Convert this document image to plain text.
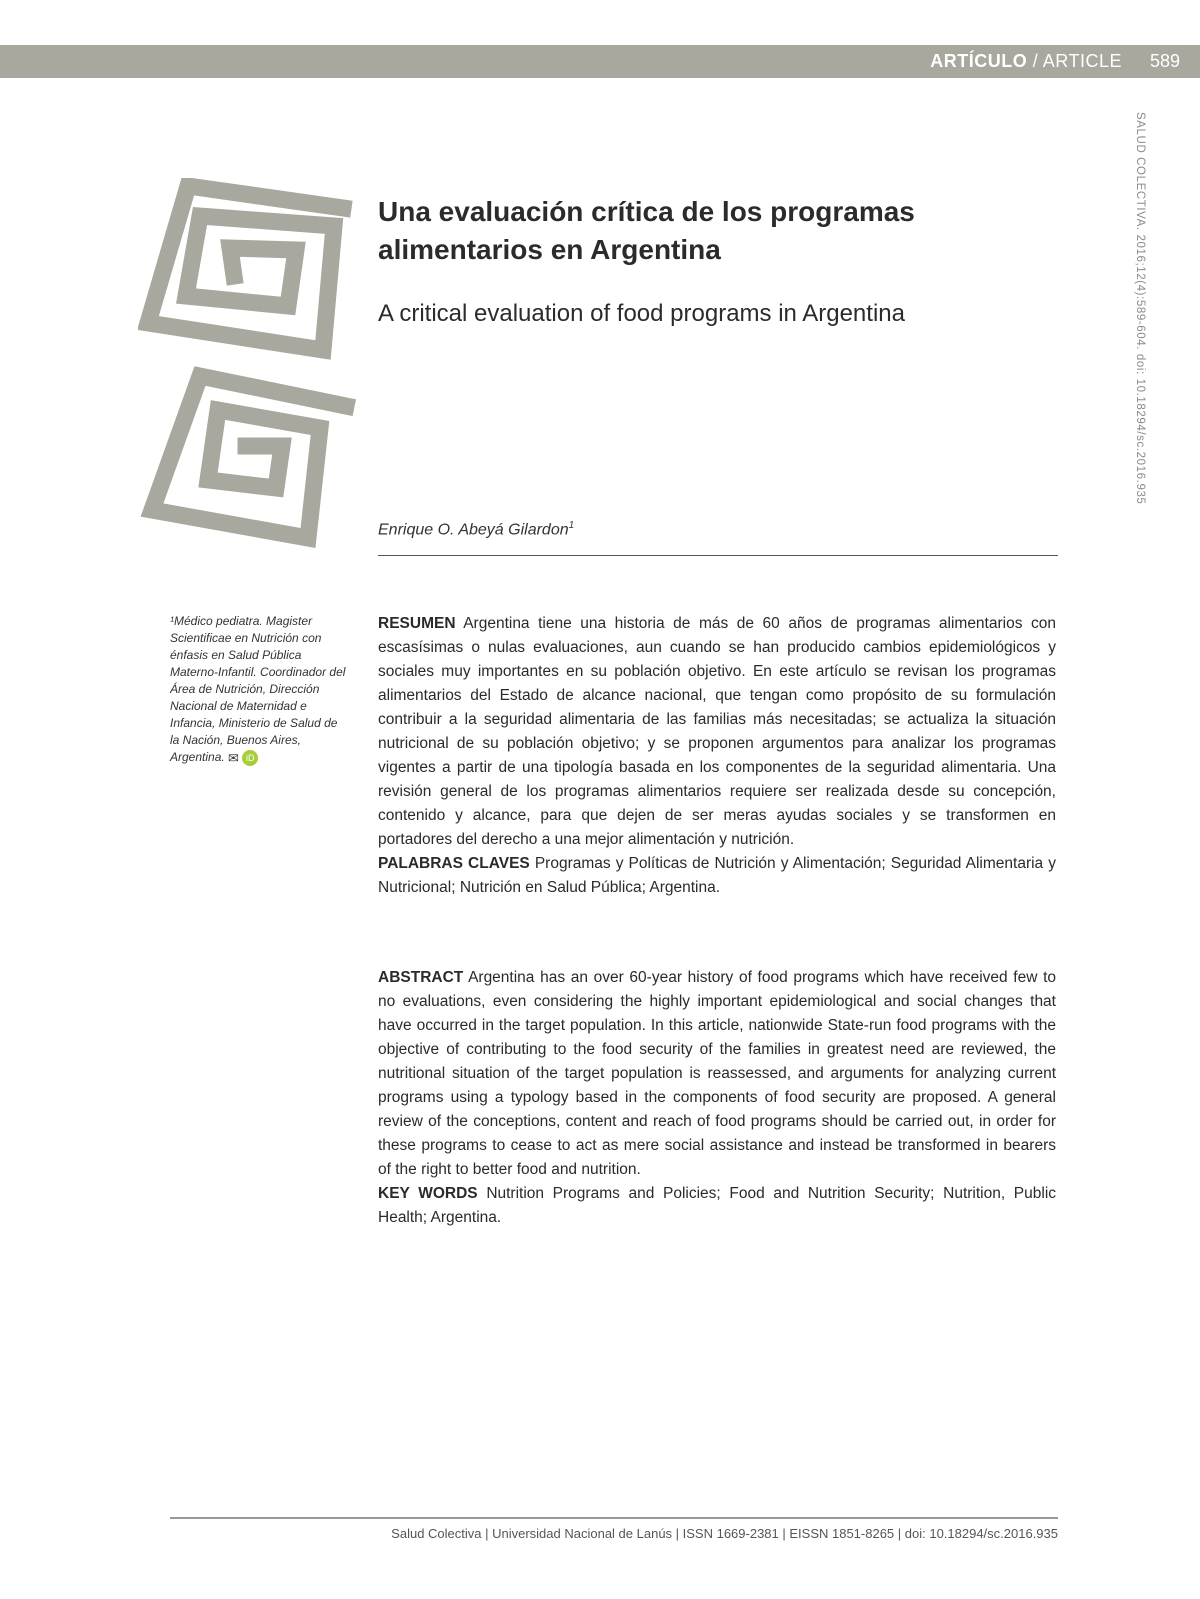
ARTÍCULO / ARTICLE 589
SALUD COLECTIVA. 2016;12(4):589-604. doi: 10.18294/sc.2016.935
Una evaluación crítica de los programas alimentarios en Argentina
A critical evaluation of food programs in Argentina
Enrique O. Abeyá Gilardon$^1$
¹Médico pediatra. Magister Scientificae en Nutrición con énfasis en Salud Pública Materno-Infantil. Coordinador del Área de Nutrición, Dirección Nacional de Maternidad e Infancia, Ministerio de Salud de la Nación, Buenos Aires, Argentina. ✉ iD

RESUMEN Argentina tiene una historia de más de 60 años de programas alimentarios con escasísimas o nulas evaluaciones, aun cuando se han producido cambios epidemiológicos y sociales muy importantes en su población objetivo. En este artículo se revisan los programas alimentarios del Estado de alcance nacional, que tengan como propósito de su formulación contribuir a la seguridad alimentaria de las familias más necesitadas; se actualiza la situación nutricional de su población objetivo; y se proponen argumentos para analizar los programas vigentes a partir de una tipología basada en los componentes de la seguridad alimentaria. Una revisión general de los programas alimentarios requiere ser realizada desde su concepción, contenido y alcance, para que dejen de ser meras ayudas sociales y se transformen en portadores del derecho a una mejor alimentación y nutrición.

PALABRAS CLAVES Programas y Políticas de Nutrición y Alimentación; Seguridad Alimentaria y Nutricional; Nutrición en Salud Pública; Argentina.

ABSTRACT Argentina has an over 60-year history of food programs which have received few to no evaluations, even considering the highly important epidemiological and social changes that have occurred in the target population. In this article, nationwide State-run food programs with the objective of contributing to the food security of the families in greatest need are reviewed, the nutritional situation of the target population is reassessed, and arguments for analyzing current programs using a typology based in the components of food security are proposed. A general review of the conceptions, content and reach of food programs should be carried out, in order for these programs to cease to act as mere social assistance and instead be transformed in bearers of the right to better food and nutrition.

KEY WORDS Nutrition Programs and Policies; Food and Nutrition Security; Nutrition, Public Health; Argentina.

Salud Colectiva | Universidad Nacional de Lanús | ISSN 1669-2381 | EISSN 1851-8265 | doi: 10.18294/sc.2016.935
